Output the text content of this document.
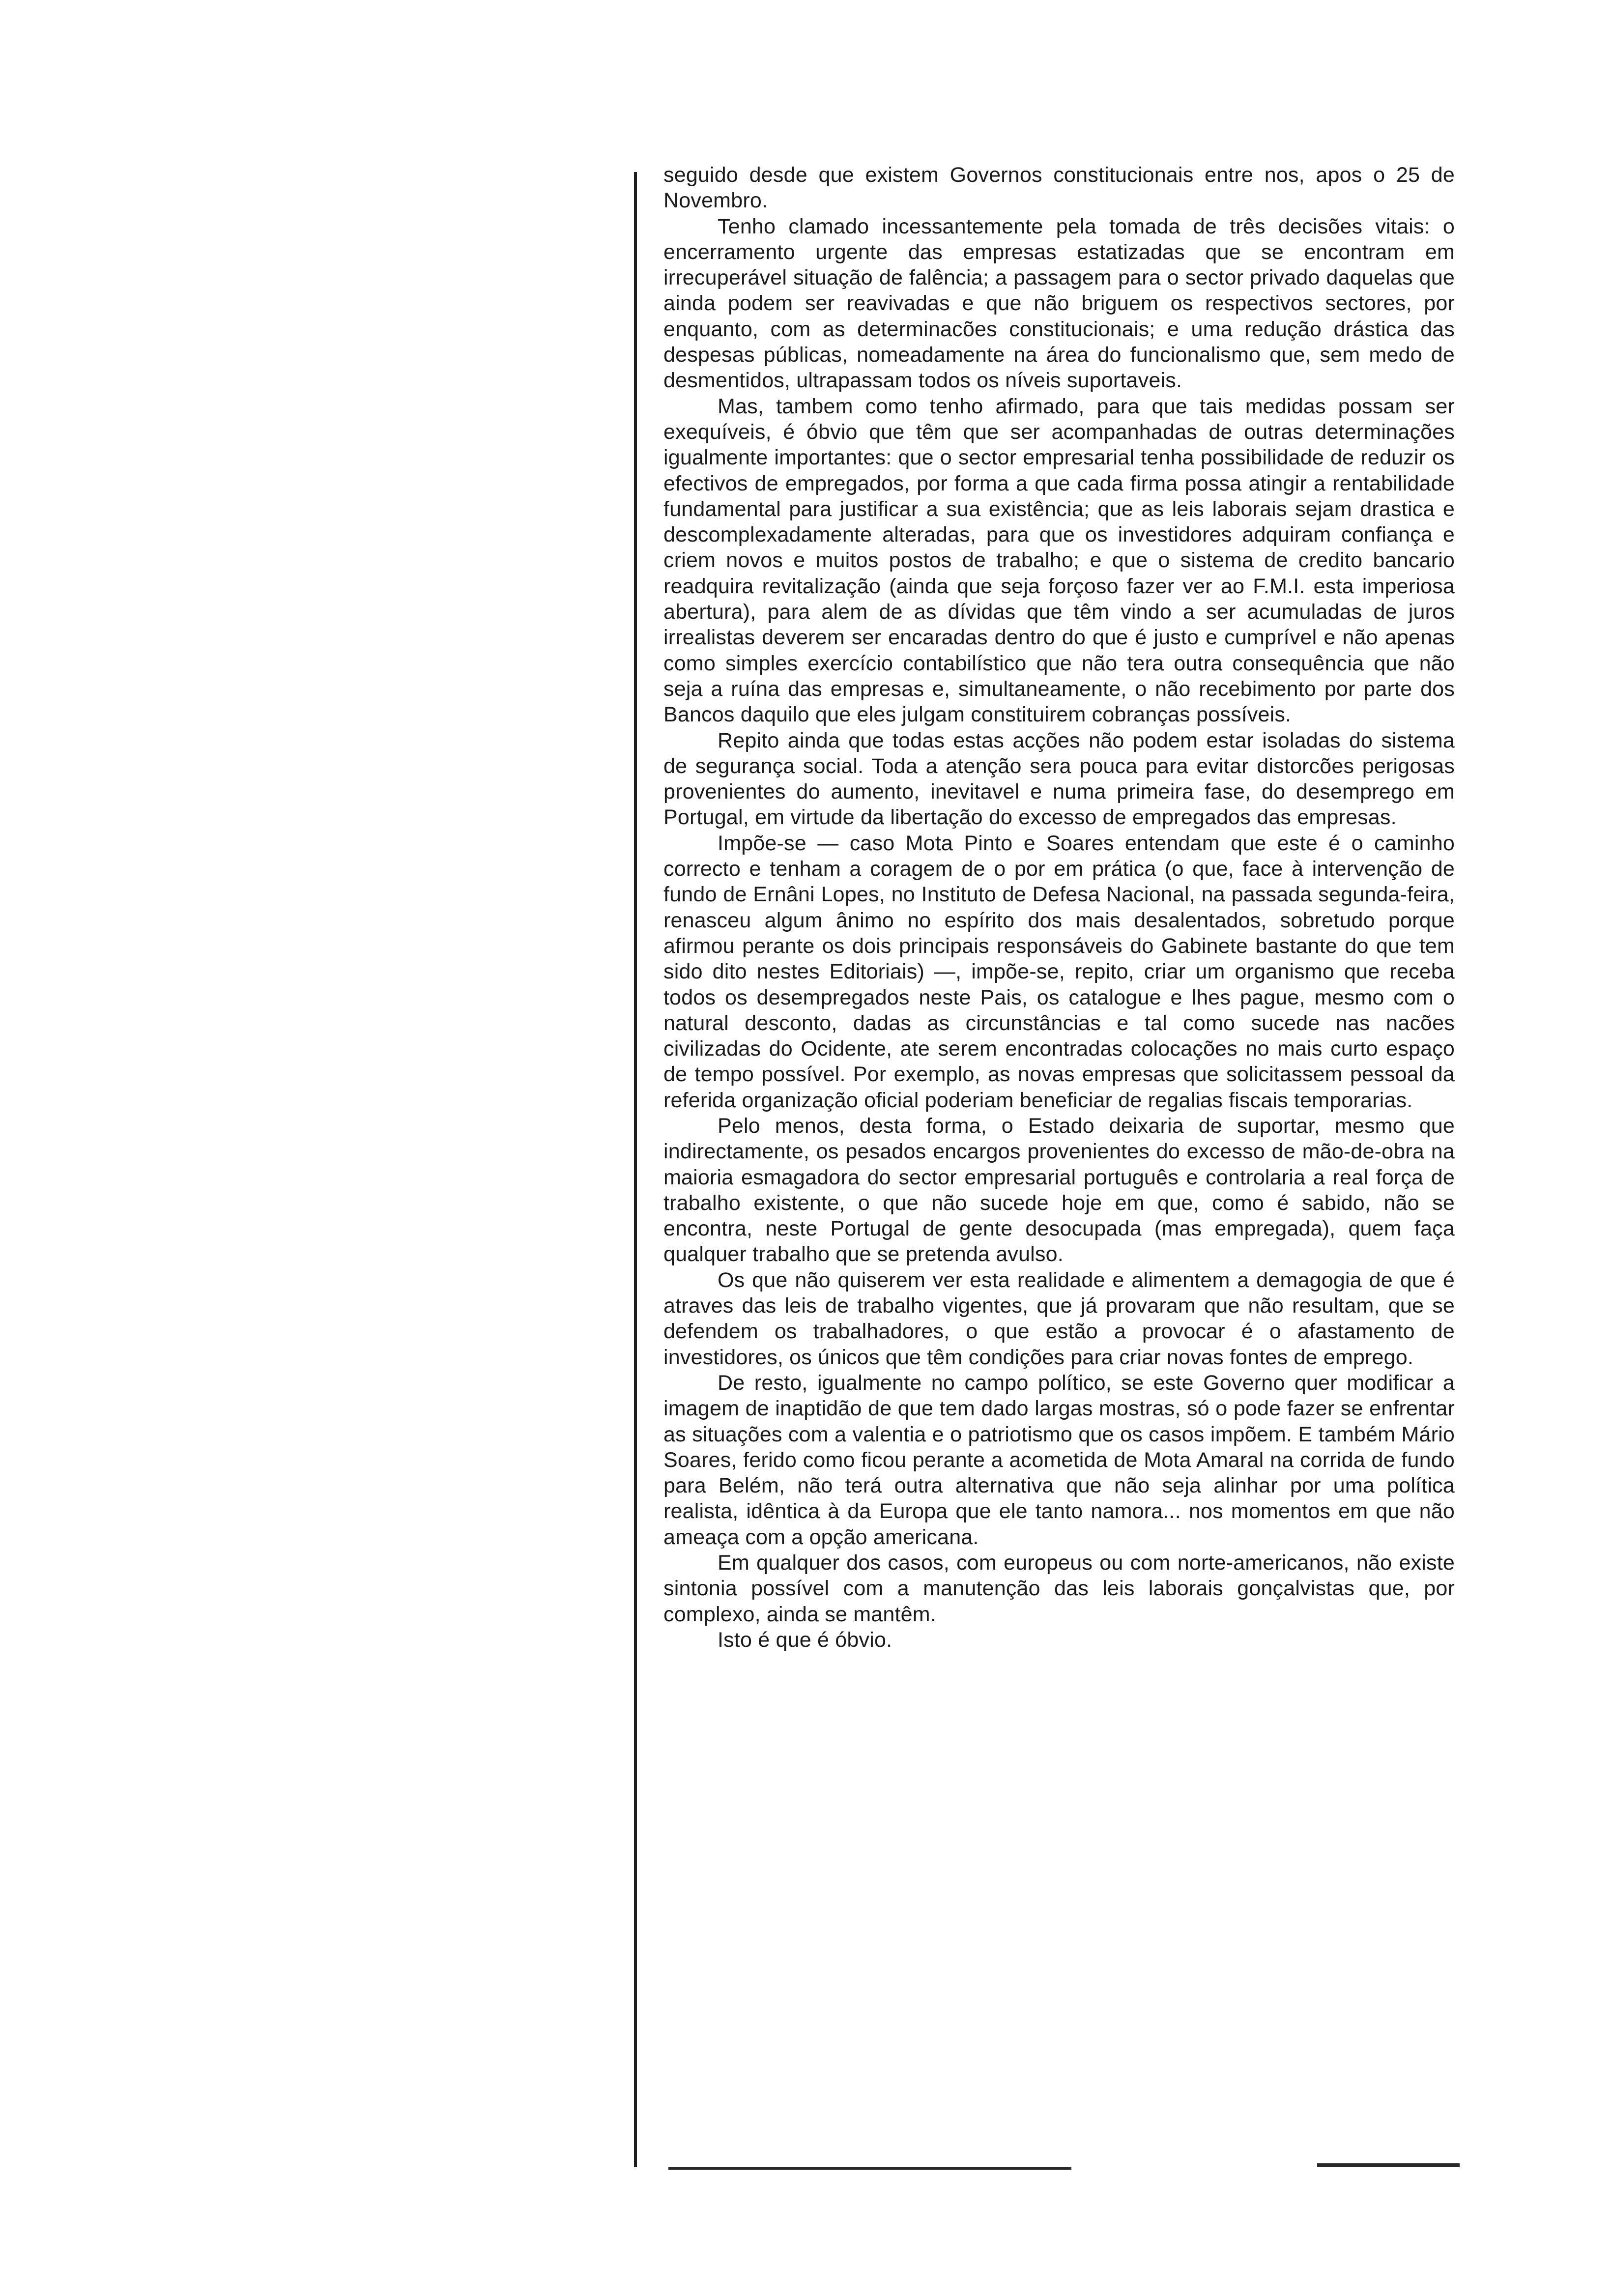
seguido desde que existem Governos constitucionais entre nos, apos o 25 de Novembro.

Tenho clamado incessantemente pela tomada de três decisões vitais: o encerramento urgente das empresas estatizadas que se encontram em irrecuperável situação de falência; a passagem para o sector privado daquelas que ainda podem ser reavivadas e que não briguem os respectivos sectores, por enquanto, com as determinacões constitucionais; e uma redução drástica das despesas públicas, nomeadamente na área do funcionalismo que, sem medo de desmentidos, ultrapassam todos os níveis suportaveis.

Mas, tambem como tenho afirmado, para que tais medidas possam ser exequíveis, é óbvio que têm que ser acompanhadas de outras determinações igualmente importantes: que o sector empresarial tenha possibilidade de reduzir os efectivos de empregados, por forma a que cada firma possa atingir a rentabilidade fundamental para justificar a sua existência; que as leis laborais sejam drastica e descomplexadamente alteradas, para que os investidores adquiram confiança e criem novos e muitos postos de trabalho; e que o sistema de credito bancario readquira revitalização (ainda que seja forçoso fazer ver ao F.M.I. esta imperiosa abertura), para alem de as dívidas que têm vindo a ser acumuladas de juros irrealistas deverem ser encaradas dentro do que é justo e cumprível e não apenas como simples exercício contabilístico que não tera outra consequência que não seja a ruína das empresas e, simultaneamente, o não recebimento por parte dos Bancos daquilo que eles julgam constituirem cobranças possíveis.

Repito ainda que todas estas acções não podem estar isoladas do sistema de segurança social. Toda a atenção sera pouca para evitar distorcões perigosas provenientes do aumento, inevitavel e numa primeira fase, do desemprego em Portugal, em virtude da libertação do excesso de empregados das empresas.

Impõe-se — caso Mota Pinto e Soares entendam que este é o caminho correcto e tenham a coragem de o por em prática (o que, face à intervenção de fundo de Ernâni Lopes, no Instituto de Defesa Nacional, na passada segunda-feira, renasceu algum ânimo no espírito dos mais desalentados, sobretudo porque afirmou perante os dois principais responsáveis do Gabinete bastante do que tem sido dito nestes Editoriais) —, impõe-se, repito, criar um organismo que receba todos os desempregados neste Pais, os catalogue e lhes pague, mesmo com o natural desconto, dadas as circunstâncias e tal como sucede nas nacões civilizadas do Ocidente, ate serem encontradas colocações no mais curto espaço de tempo possível. Por exemplo, as novas empresas que solicitassem pessoal da referida organização oficial poderiam beneficiar de regalias fiscais temporarias.

Pelo menos, desta forma, o Estado deixaria de suportar, mesmo que indirectamente, os pesados encargos provenientes do excesso de mão-de-obra na maioria esmagadora do sector empresarial português e controlaria a real força de trabalho existente, o que não sucede hoje em que, como é sabido, não se encontra, neste Portugal de gente desocupada (mas empregada), quem faça qualquer trabalho que se pretenda avulso.

Os que não quiserem ver esta realidade e alimentem a demagogia de que é atraves das leis de trabalho vigentes, que já provaram que não resultam, que se defendem os trabalhadores, o que estão a provocar é o afastamento de investidores, os únicos que têm condições para criar novas fontes de emprego.

De resto, igualmente no campo político, se este Governo quer modificar a imagem de inaptidão de que tem dado largas mostras, só o pode fazer se enfrentar as situações com a valentia e o patriotismo que os casos impõem. E também Mário Soares, ferido como ficou perante a acometida de Mota Amaral na corrida de fundo para Belém, não terá outra alternativa que não seja alinhar por uma política realista, idêntica à da Europa que ele tanto namora... nos momentos em que não ameaça com a opção americana.

Em qualquer dos casos, com europeus ou com norte-americanos, não existe sintonia possível com a manutenção das leis laborais gonçalvistas que, por complexo, ainda se mantêm.

Isto é que é óbvio.
